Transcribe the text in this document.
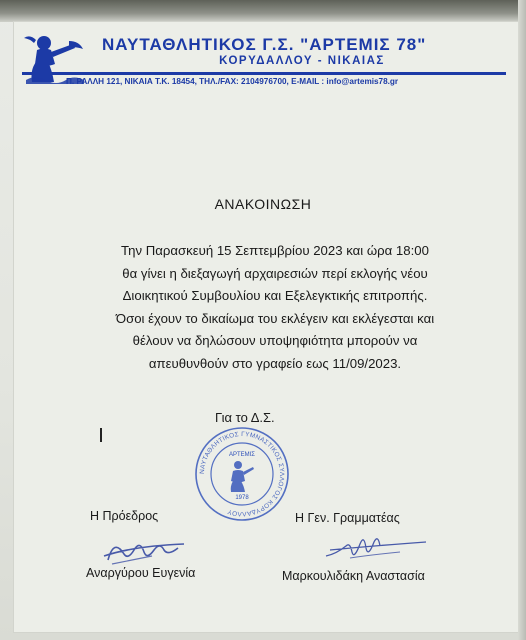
ΝΑΥΤΑΘΛΗΤΙΚΟΣ Γ.Σ. "ΑΡΤΕΜΙΣ 78"
ΚΟΡΥΔΑΛΛΟΥ - ΝΙΚΑΙΑΣ
Π. ΡΑΛΛΗ 121, ΝΙΚΑΙΑ Τ.Κ. 18454, ΤΗΛ./FAX: 2104976700, E-MAIL : info@artemis78.gr
ΑΝΑΚΟΙΝΩΣΗ
Την Παρασκευή 15 Σεπτεμβρίου 2023 και ώρα 18:00
θα γίνει η διεξαγωγή αρχαιρεσιών περί εκλογής νέου
Διοικητικού Συμβουλίου και Εξελεγκτικής επιτροπής.
Όσοι έχουν το δικαίωμα του εκλέγειν και εκλέγεσται και
θέλουν να δηλώσουν υποψηφιότητα μπορούν να
απευθυνθούν στο γραφείο εως 11/09/2023.
Για το Δ.Σ.
ΝΑΥΤΑΘΛΗΤΙΚΟΣ ΓΥΜΝΑΣΤΙΚΟΣ ΣΥΛΛΟΓΟΣ ΚΟΡΥΔΑΛΛΟΥ
ΑΡΤΕΜΙΣ
1978
Η Πρόεδρος	Η Γεν. Γραμματέας
Αναργύρου Ευγενία	Μαρκουλιδάκη Αναστασία
